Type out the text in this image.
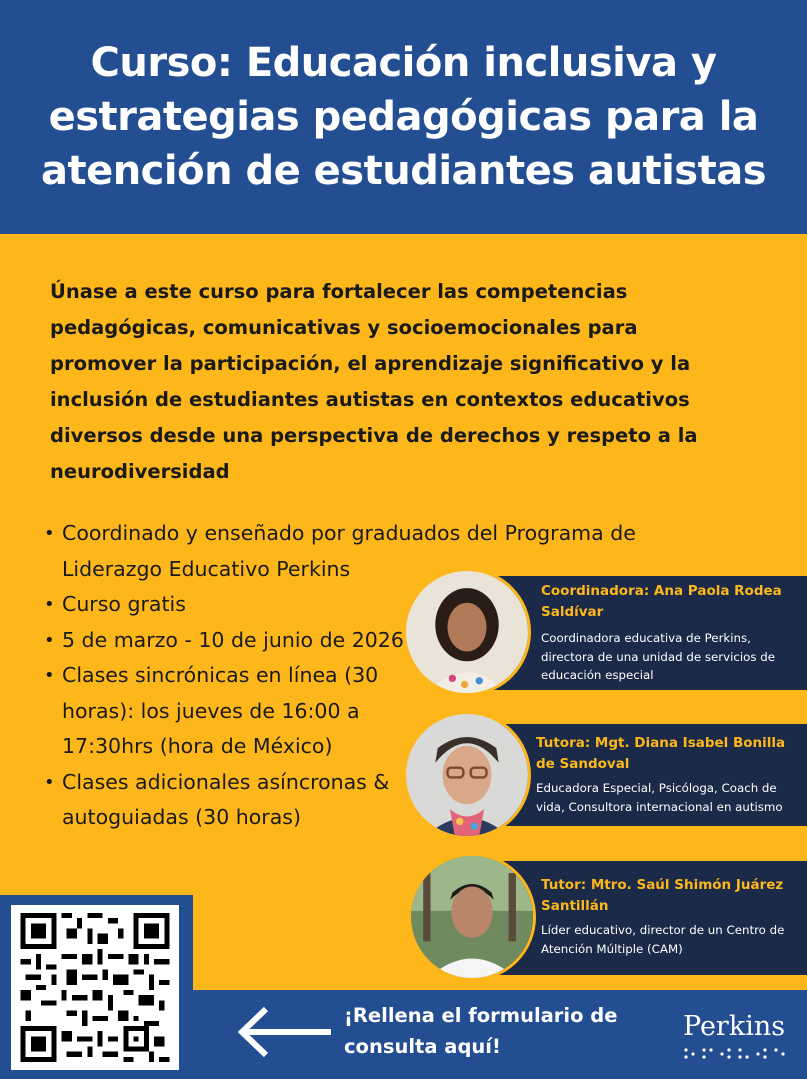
Curso: Educación inclusiva y estrategias pedagógicas para la atención de estudiantes autistas

Únase a este curso para fortalecer las competencias pedagógicas, comunicativas y socioemocionales para promover la participación, el aprendizaje significativo y la inclusión de estudiantes autistas en contextos educativos diversos desde una perspectiva de derechos y respeto a la neurodiversidad

• Coordinado y enseñado por graduados del Programa de Liderazgo Educativo Perkins
• Curso gratis
• 5 de marzo - 10 de junio de 2026
• Clases sincrónicas en línea (30 horas): los jueves de 16:00 a 17:30hrs (hora de México)
• Clases adicionales asíncronas & autoguiadas (30 horas)
Coordinadora: Ana Paola Rodea Saldívar
Coordinadora educativa de Perkins, directora de una unidad de servicios de educación especial
Tutora: Mgt. Diana Isabel Bonilla de Sandoval
Educadora Especial, Psicóloga, Coach de vida, Consultora internacional en autismo
Tutor: Mtro. Saúl Shimón Juárez Santillán
Líder educativo, director de un Centro de Atención Múltiple (CAM)
¡Rellena el formulario de consulta aquí!
Perkins
